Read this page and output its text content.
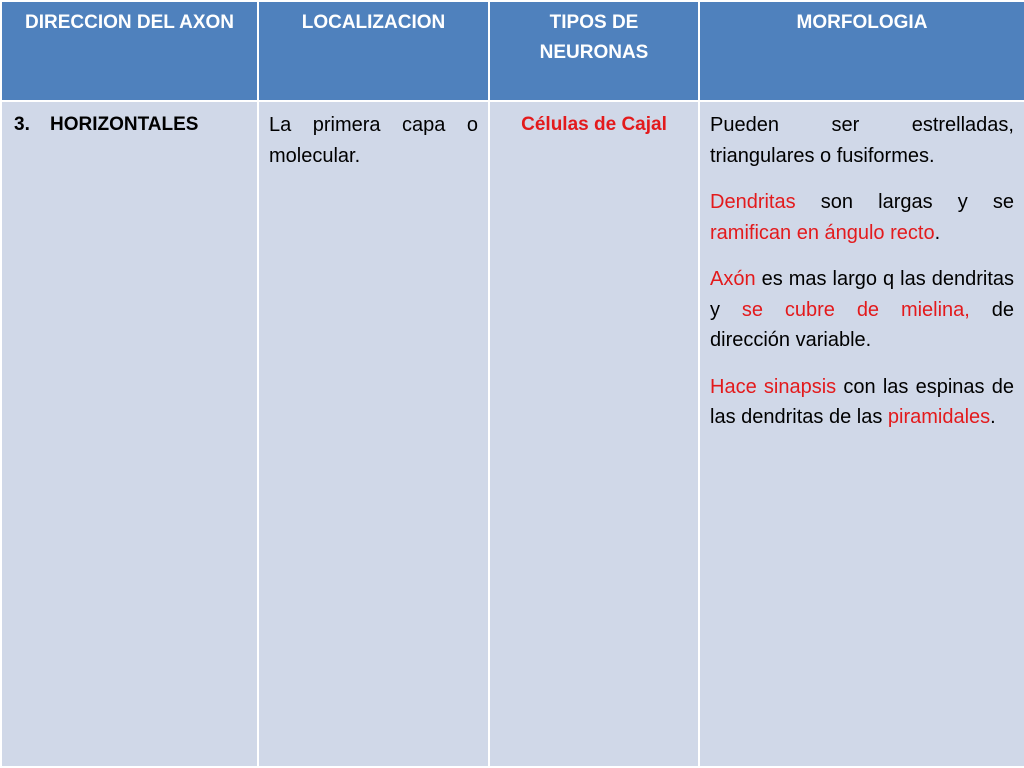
DIRECCION DEL AXON	LOCALIZACION	TIPOS DE NEURONAS	MORFOLOGIA
3. HORIZONTALES	La primera capa o molecular.	Células de Cajal	Pueden ser estrelladas, triangulares o fusiformes.

Dendritas son largas y se ramifican en ángulo recto.

Axón es mas largo q las dendritas y se cubre de mielina, de dirección variable.

Hace sinapsis con las espinas de las dendritas de las piramidales.
